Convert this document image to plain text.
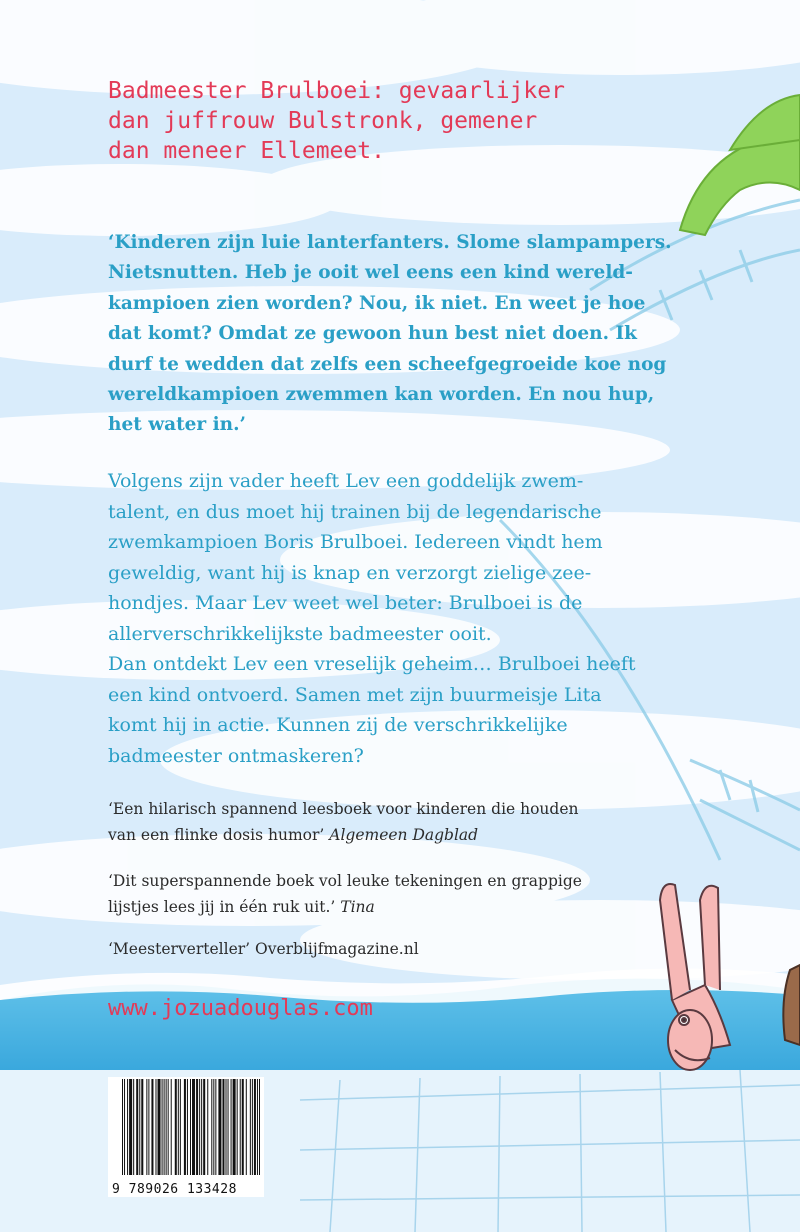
Badmeester Brulboei: gevaarlijker
dan juffrouw Bulstronk, gemener
dan meneer Ellemeet.
‘Kinderen zijn luie lanterfanters. Slome slampampers.
Nietsnutten. Heb je ooit wel eens een kind wereld-
kampioen zien worden? Nou, ik niet. En weet je hoe
dat komt? Omdat ze gewoon hun best niet doen. Ik
durf te wedden dat zelfs een scheefgegroeide koe nog
wereldkampioen zwemmen kan worden. En nou hup,
het water in.’
Volgens zijn vader heeft Lev een goddelijk zwem-
talent, en dus moet hij trainen bij de legendarische
zwemkampioen Boris Brulboei. Iedereen vindt hem
geweldig, want hij is knap en verzorgt zielige zee-
hondjes. Maar Lev weet wel beter: Brulboei is de
allerverschrikkelijkste badmeester ooit.
Dan ontdekt Lev een vreselijk geheim… Brulboei heeft
een kind ontvoerd. Samen met zijn buurmeisje Lita
komt hij in actie. Kunnen zij de verschrikkelijke
badmeester ontmaskeren?
‘Een hilarisch spannend leesboek voor kinderen die houden
van een flinke dosis humor’ Algemeen Dagblad
‘Dit superspannende boek vol leuke tekeningen en grappige
lijstjes lees jij in één ruk uit.’ Tina
‘Meesterverteller’ Overblijfmagazine.nl
www.jozuadouglas.com
9 789026 133428
